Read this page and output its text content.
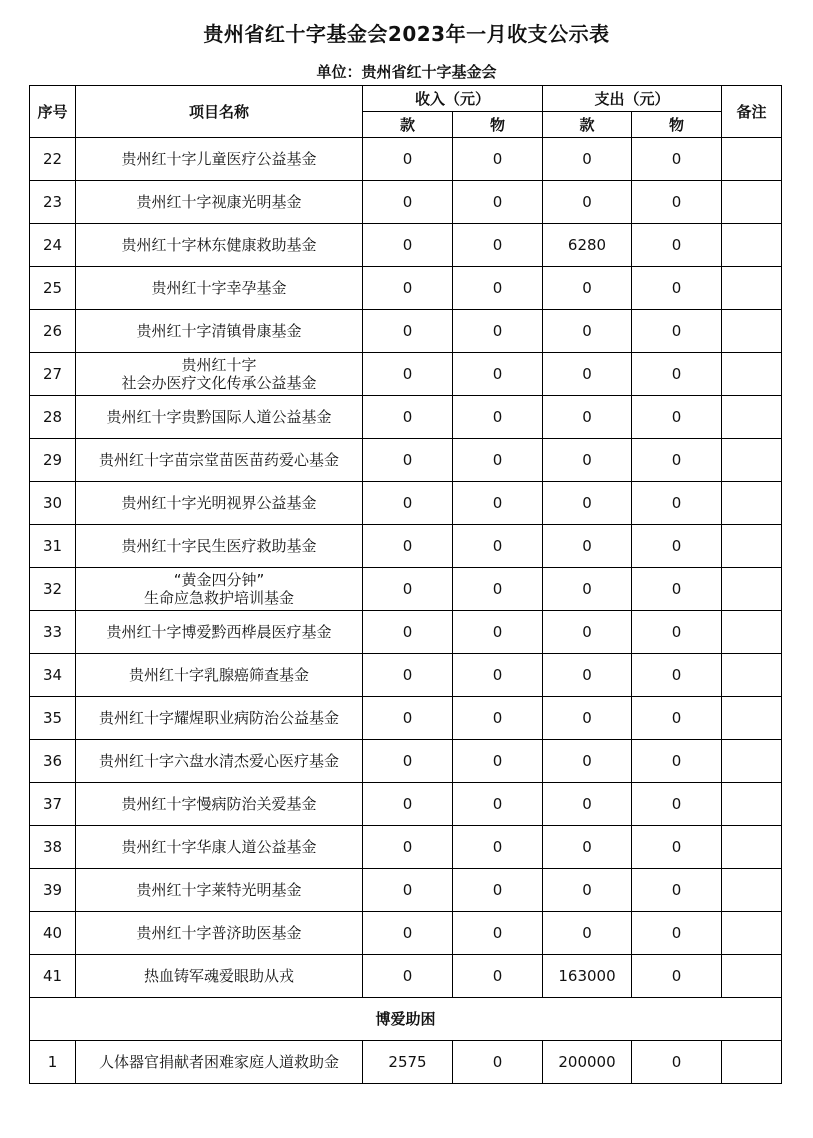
贵州省红十字基金会2023年一月收支公示表
单位：贵州省红十字基金会
序号	项目名称	收入（元）		支出（元）		备注
		款	物	款	物	
22	贵州红十字儿童医疗公益基金	0	0	0	0	
23	贵州红十字视康光明基金	0	0	0	0	
24	贵州红十字林东健康救助基金	0	0	6280	0	
25	贵州红十字幸孕基金	0	0	0	0	
26	贵州红十字清镇骨康基金	0	0	0	0	
27	贵州红十字
社会办医疗文化传承公益基金	0	0	0	0	
28	贵州红十字贵黔国际人道公益基金	0	0	0	0	
29	贵州红十字苗宗堂苗医苗药爱心基金	0	0	0	0	
30	贵州红十字光明视界公益基金	0	0	0	0	
31	贵州红十字民生医疗救助基金	0	0	0	0	
32	“黄金四分钟”
生命应急救护培训基金	0	0	0	0	
33	贵州红十字博爱黔西桦晨医疗基金	0	0	0	0	
34	贵州红十字乳腺癌筛查基金	0	0	0	0	
35	贵州红十字耀煋职业病防治公益基金	0	0	0	0	
36	贵州红十字六盘水清杰爱心医疗基金	0	0	0	0	
37	贵州红十字慢病防治关爱基金	0	0	0	0	
38	贵州红十字华康人道公益基金	0	0	0	0	
39	贵州红十字莱特光明基金	0	0	0	0	
40	贵州红十字普济助医基金	0	0	0	0	
41	热血铸军魂爱眼助从戎	0	0	163000	0	
博爱助困						
1	人体器官捐献者困难家庭人道救助金	2575	0	200000	0	
